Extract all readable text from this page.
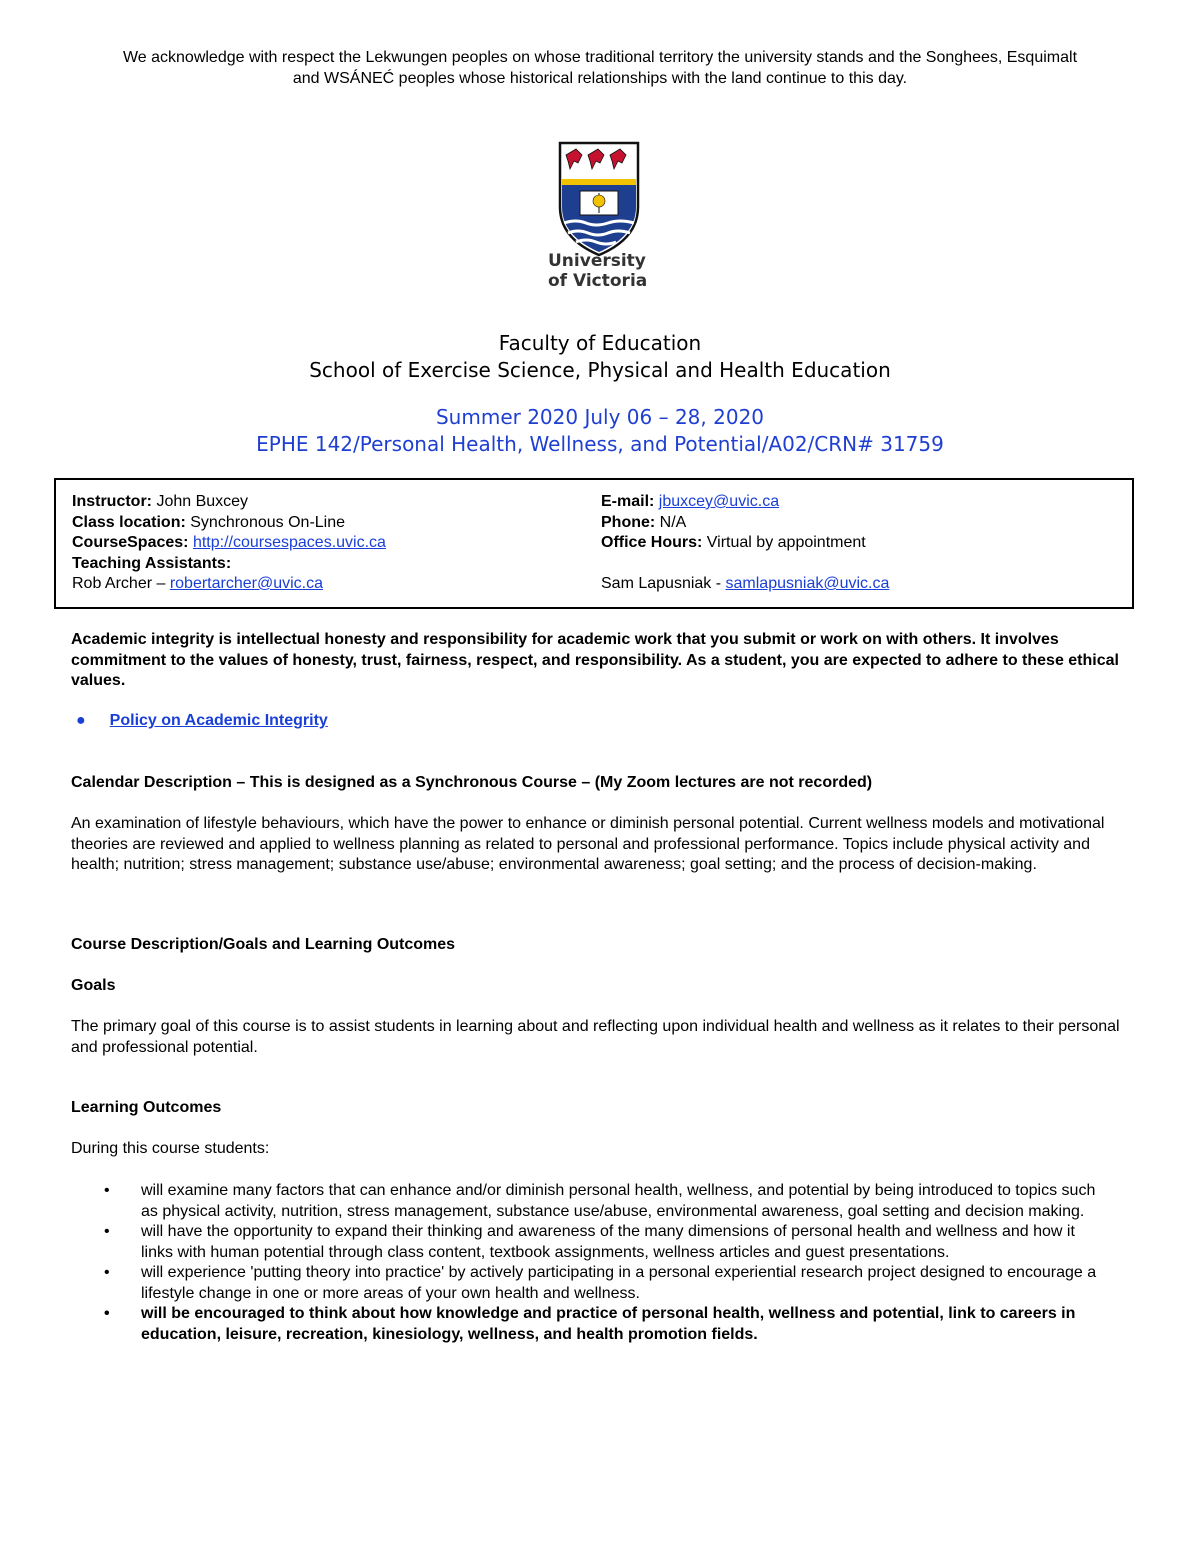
We acknowledge with respect the Lekwungen peoples on whose traditional territory the university stands and the Songhees, Esquimalt
and WSÁNEĆ peoples whose historical relationships with the land continue to this day.
University
of Victoria
Faculty of Education
School of Exercise Science, Physical and Health Education
Summer 2020 July 06 – 28, 2020
EPHE 142/Personal Health, Wellness, and Potential/A02/CRN# 31759
Instructor: John Buxcey
Class location: Synchronous On-Line
CourseSpaces: http://coursespaces.uvic.ca
Teaching Assistants:
Rob Archer – robertarcher@uvic.ca
E-mail: jbuxcey@uvic.ca
Phone: N/A
Office Hours: Virtual by appointment
Sam Lapusniak - samlapusniak@uvic.ca
Academic integrity is intellectual honesty and responsibility for academic work that you submit or work on with others. It involves commitment to the values of honesty, trust, fairness, respect, and responsibility. As a student, you are expected to adhere to these ethical values.
● Policy on Academic Integrity
Calendar Description – This is designed as a Synchronous Course – (My Zoom lectures are not recorded)
An examination of lifestyle behaviours, which have the power to enhance or diminish personal potential. Current wellness models and motivational theories are reviewed and applied to wellness planning as related to personal and professional performance. Topics include physical activity and health; nutrition; stress management; substance use/abuse; environmental awareness; goal setting; and the process of decision-making.
Course Description/Goals and Learning Outcomes
Goals
The primary goal of this course is to assist students in learning about and reflecting upon individual health and wellness as it relates to their personal and professional potential.
Learning Outcomes
During this course students:
• will examine many factors that can enhance and/or diminish personal health, wellness, and potential by being introduced to topics such as physical activity, nutrition, stress management, substance use/abuse, environmental awareness, goal setting and decision making.
• will have the opportunity to expand their thinking and awareness of the many dimensions of personal health and wellness and how it links with human potential through class content, textbook assignments, wellness articles and guest presentations.
• will experience 'putting theory into practice' by actively participating in a personal experiential research project designed to encourage a lifestyle change in one or more areas of your own health and wellness.
• will be encouraged to think about how knowledge and practice of personal health, wellness and potential, link to careers in education, leisure, recreation, kinesiology, wellness, and health promotion fields.
